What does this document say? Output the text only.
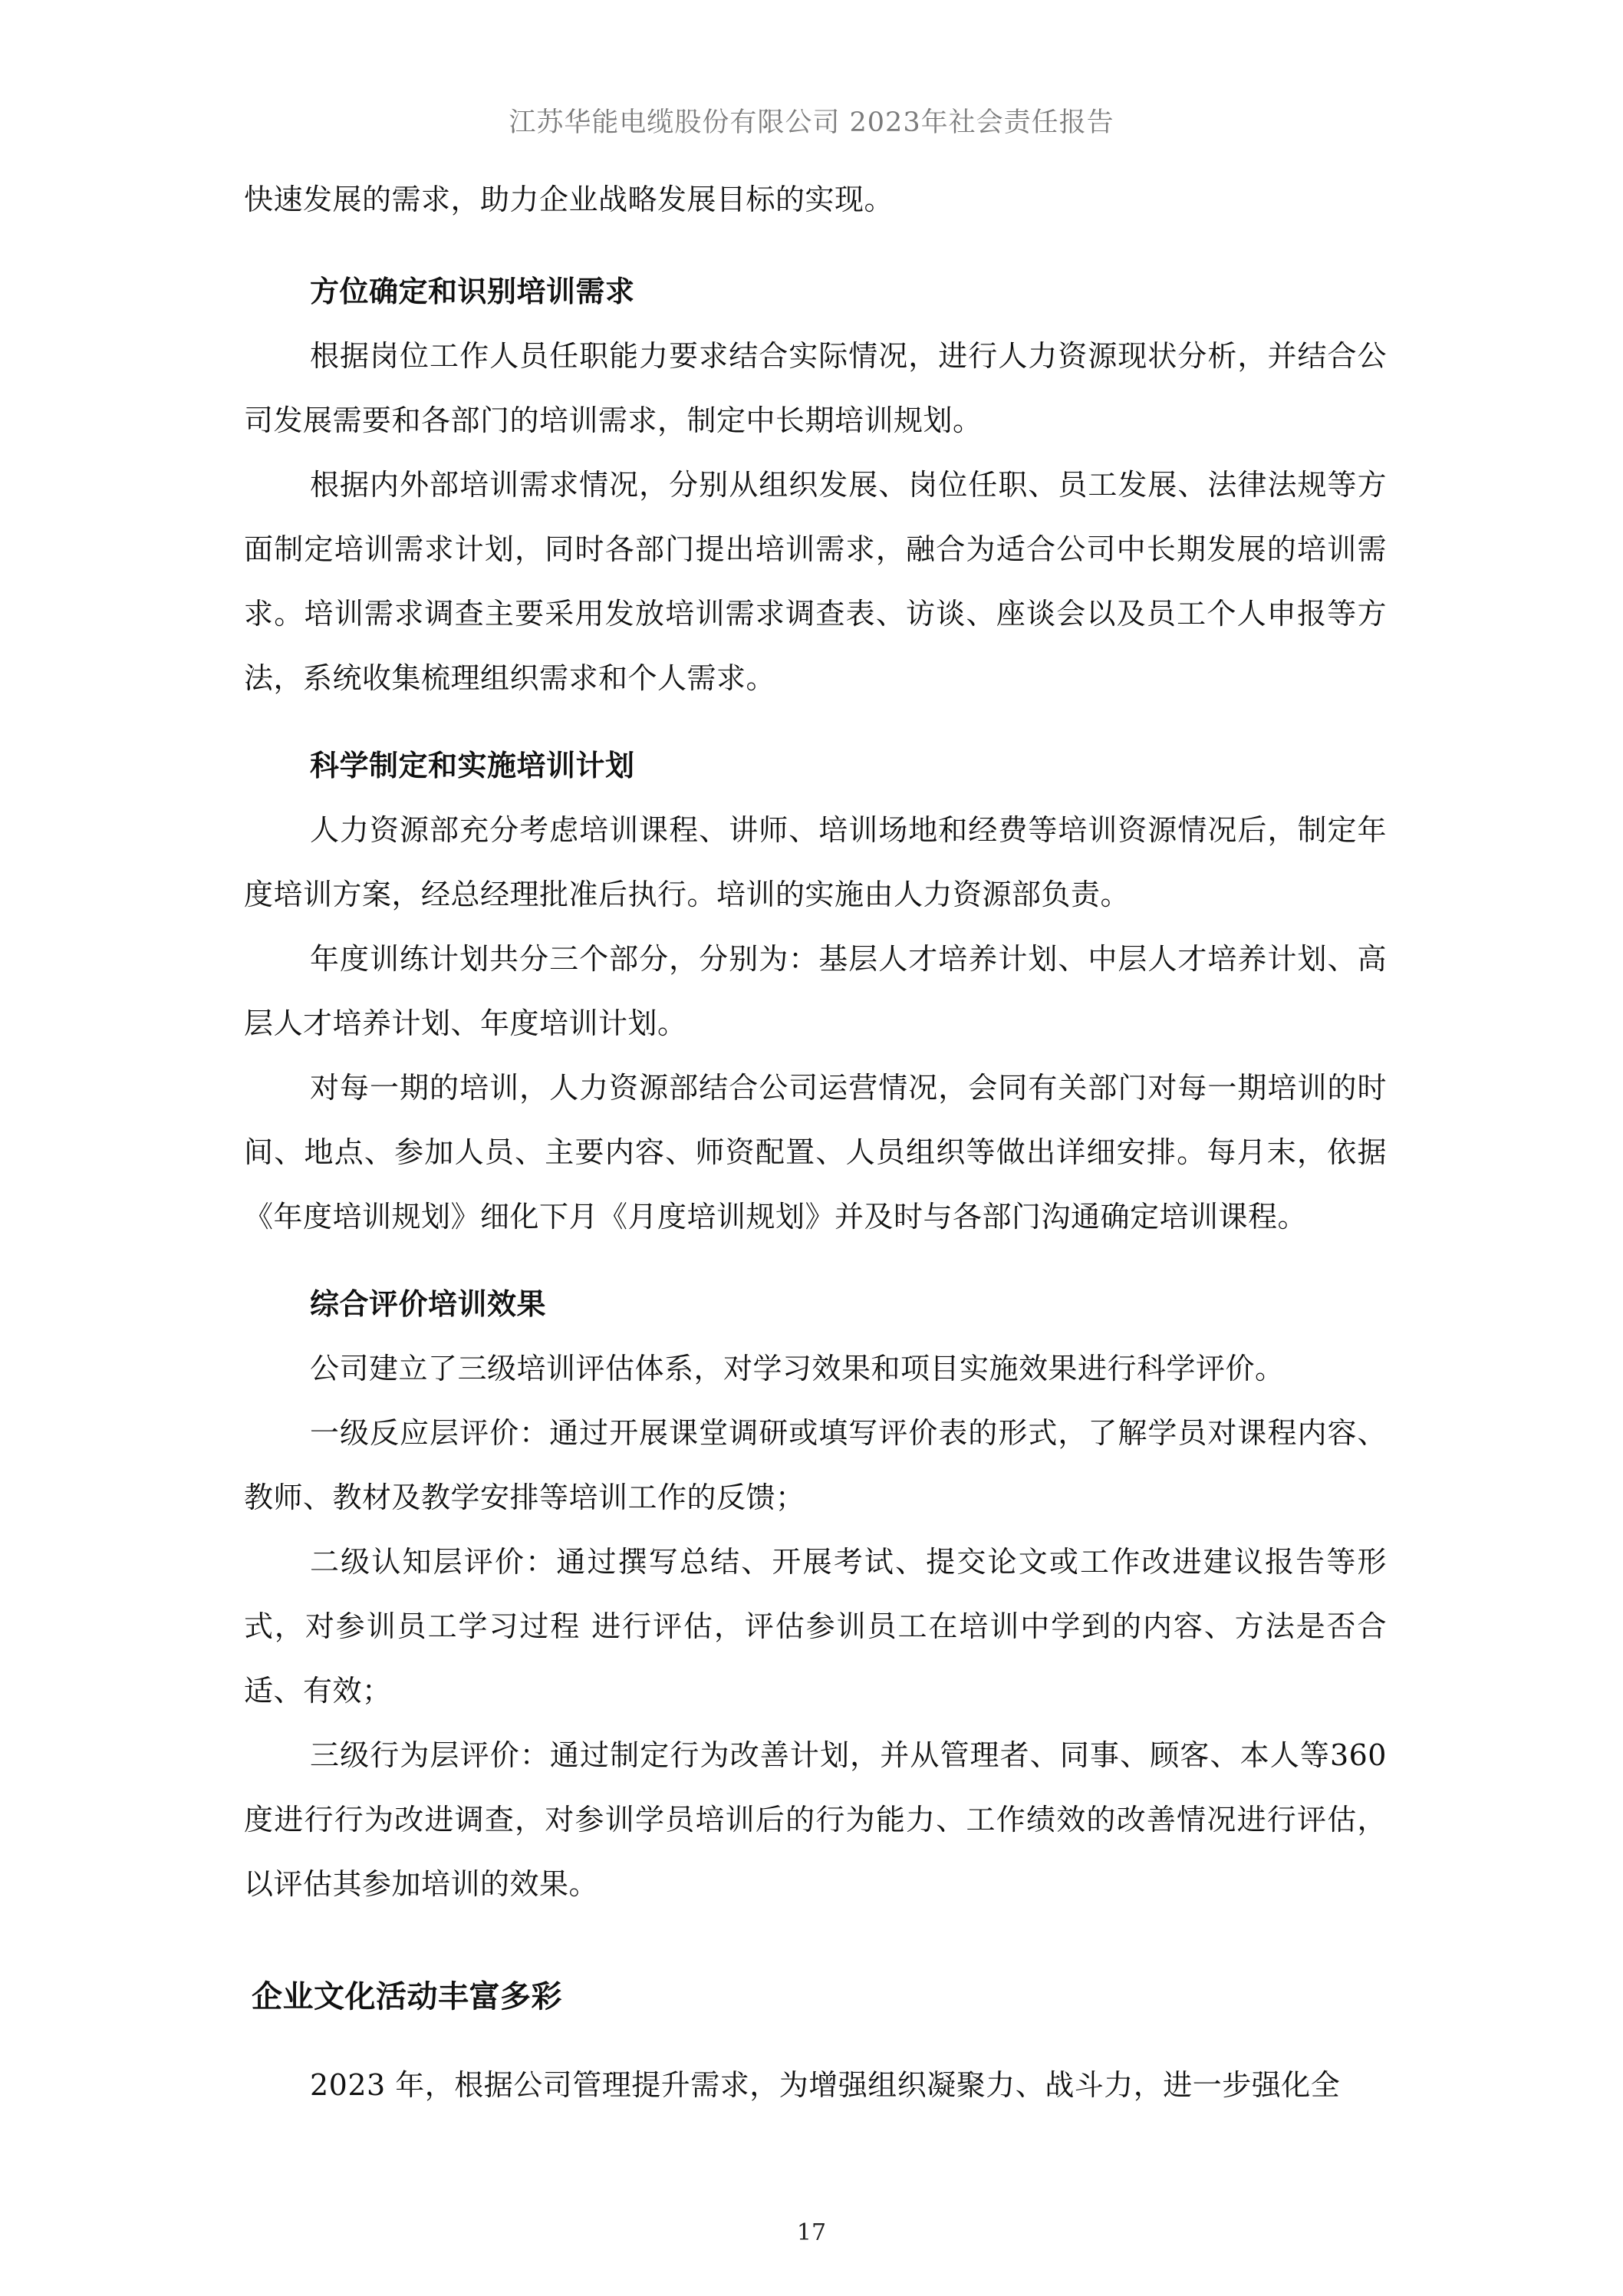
江苏华能电缆股份有限公司 2023年社会责任报告

快速发展的需求，助力企业战略发展目标的实现。

方位确定和识别培训需求

根据岗位工作人员任职能力要求结合实际情况，进行人力资源现状分析，并结合公司发展需要和各部门的培训需求，制定中长期培训规划。

根据内外部培训需求情况，分别从组织发展、岗位任职、员工发展、法律法规等方面制定培训需求计划，同时各部门提出培训需求，融合为适合公司中长期发展的培训需求。培训需求调查主要采用发放培训需求调查表、访谈、座谈会以及员工个人申报等方法，系统收集梳理组织需求和个人需求。

科学制定和实施培训计划

人力资源部充分考虑培训课程、讲师、培训场地和经费等培训资源情况后，制定年度培训方案，经总经理批准后执行。培训的实施由人力资源部负责。

年度训练计划共分三个部分，分别为：基层人才培养计划、中层人才培养计划、高层人才培养计划、年度培训计划。

对每一期的培训，人力资源部结合公司运营情况，会同有关部门对每一期培训的时间、地点、参加人员、主要内容、师资配置、人员组织等做出详细安排。每月末，依据《年度培训规划》细化下月《月度培训规划》并及时与各部门沟通确定培训课程。

综合评价培训效果

公司建立了三级培训评估体系，对学习效果和项目实施效果进行科学评价。

一级反应层评价：通过开展课堂调研或填写评价表的形式，了解学员对课程内容、教师、教材及教学安排等培训工作的反馈；

二级认知层评价：通过撰写总结、开展考试、提交论文或工作改进建议报告等形式，对参训员工学习过程 进行评估，评估参训员工在培训中学到的内容、方法是否合适、有效；

三级行为层评价：通过制定行为改善计划，并从管理者、同事、顾客、本人等360度进行行为改进调查，对参训学员培训后的行为能力、工作绩效的改善情况进行评估，以评估其参加培训的效果。

企业文化活动丰富多彩

2023 年，根据公司管理提升需求，为增强组织凝聚力、战斗力，进一步强化全

17
